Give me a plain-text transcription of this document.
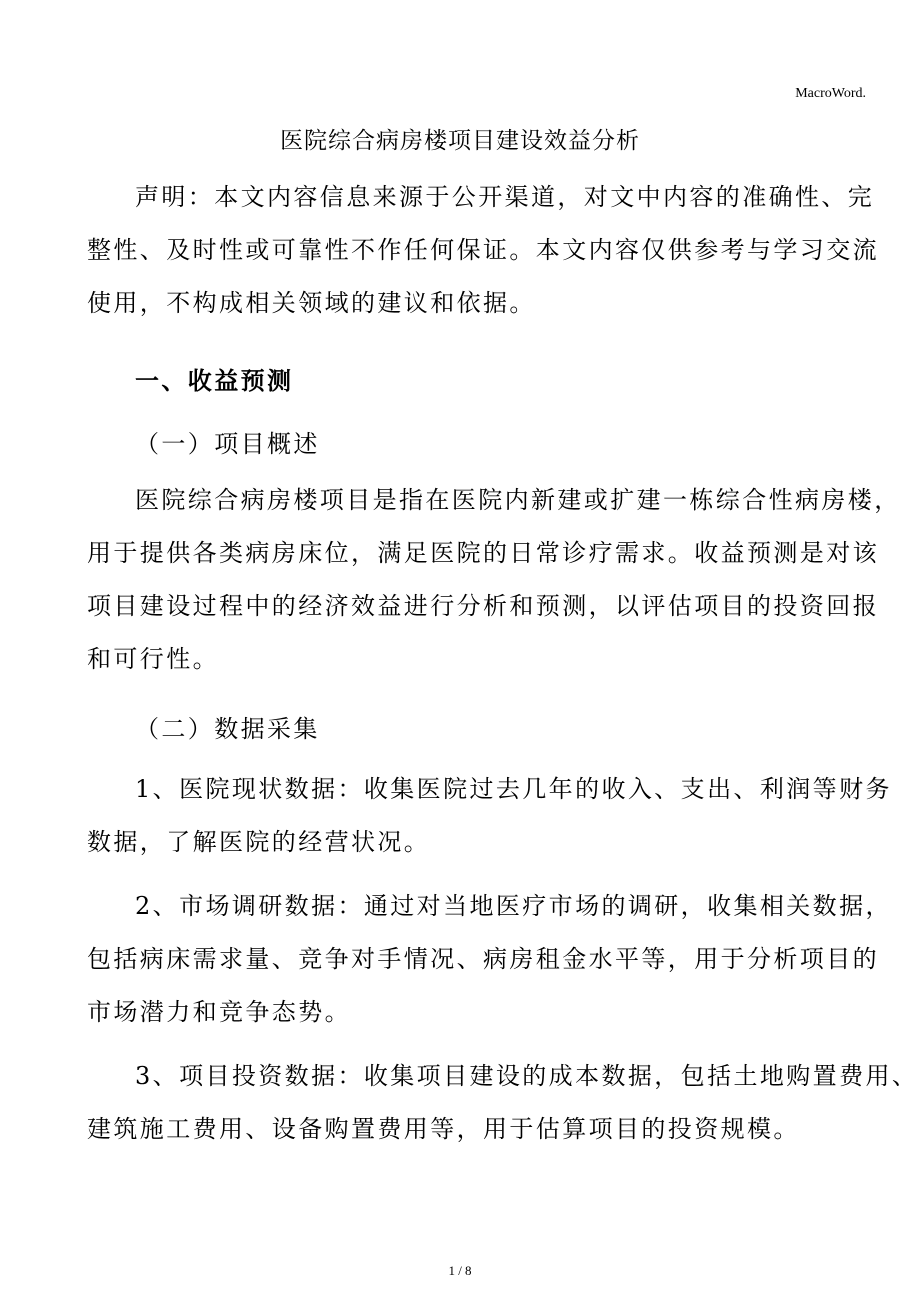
MacroWord.
医院综合病房楼项目建设效益分析
声明：本文内容信息来源于公开渠道，对文中内容的准确性、完
整性、及时性或可靠性不作任何保证。本文内容仅供参考与学习交流
使用，不构成相关领域的建议和依据。
一、收益预测
（一）项目概述
医院综合病房楼项目是指在医院内新建或扩建一栋综合性病房楼，
用于提供各类病房床位，满足医院的日常诊疗需求。收益预测是对该
项目建设过程中的经济效益进行分析和预测，以评估项目的投资回报
和可行性。
（二）数据采集
1、医院现状数据：收集医院过去几年的收入、支出、利润等财务
数据，了解医院的经营状况。
2、市场调研数据：通过对当地医疗市场的调研，收集相关数据，
包括病床需求量、竞争对手情况、病房租金水平等，用于分析项目的
市场潜力和竞争态势。
3、项目投资数据：收集项目建设的成本数据，包括土地购置费用、
建筑施工费用、设备购置费用等，用于估算项目的投资规模。
1 / 8
